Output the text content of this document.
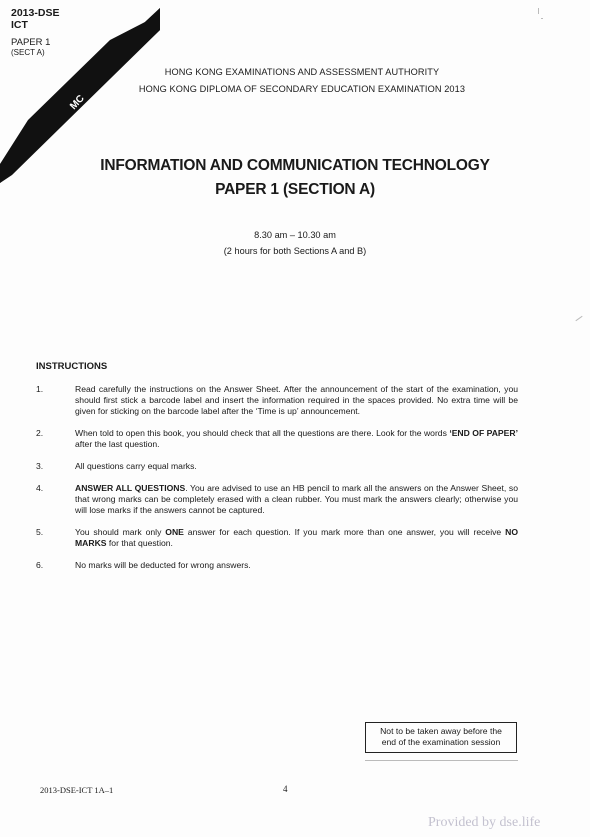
2013-DSE
ICT
PAPER 1
(SECT A)
MC
HONG KONG EXAMINATIONS AND ASSESSMENT AUTHORITY
HONG KONG DIPLOMA OF SECONDARY EDUCATION EXAMINATION 2013
INFORMATION AND COMMUNICATION TECHNOLOGY
PAPER 1 (SECTION A)
8.30 am – 10.30 am
(2 hours for both Sections A and B)
INSTRUCTIONS
1.	Read carefully the instructions on the Answer Sheet. After the announcement of the start of the examination, you should first stick a barcode label and insert the information required in the spaces provided. No extra time will be given for sticking on the barcode label after the ‘Time is up’ announcement.
2.	When told to open this book, you should check that all the questions are there. Look for the words ‘END OF PAPER’ after the last question.
3.	All questions carry equal marks.
4.	ANSWER ALL QUESTIONS. You are advised to use an HB pencil to mark all the answers on the Answer Sheet, so that wrong marks can be completely erased with a clean rubber. You must mark the answers clearly; otherwise you will lose marks if the answers cannot be captured.
5.	You should mark only ONE answer for each question. If you mark more than one answer, you will receive NO MARKS for that question.
6.	No marks will be deducted for wrong answers.
Not to be taken away before the
end of the examination session
2013-DSE-ICT 1A–1	4
Provided by dse.life
